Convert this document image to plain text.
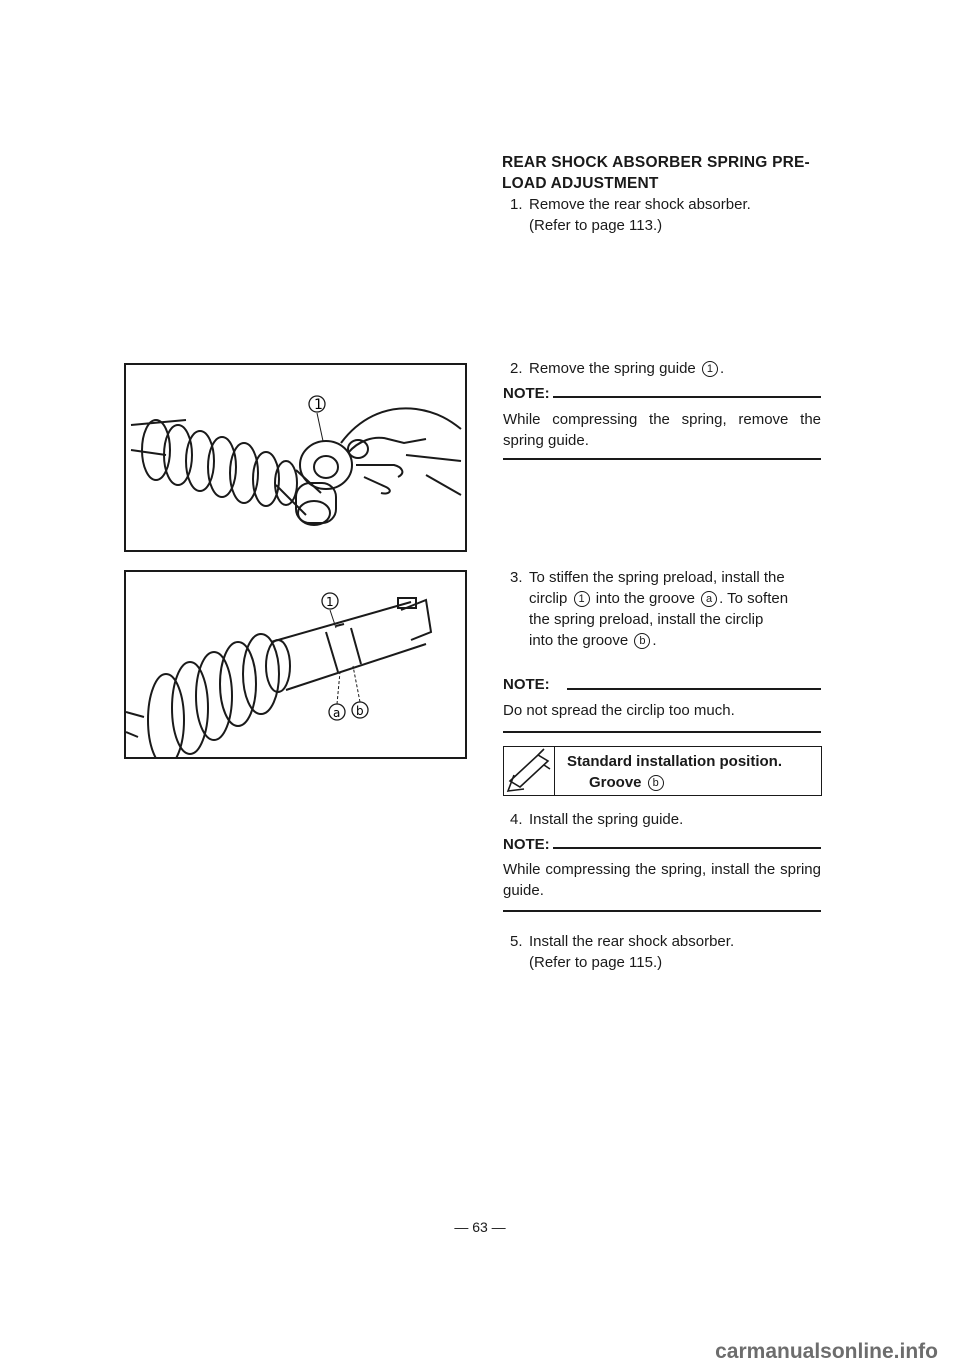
REAR SHOCK ABSORBER SPRING PRE-
LOAD ADJUSTMENT
1. Remove the rear shock absorber.
(Refer to page 113.)
1
2. Remove the spring guide 1 .
NOTE:
While compressing the spring, remove the spring guide.
1
a b
3. To stiffen the spring preload, install the
circlip 1 into the groove a . To soften
the spring preload, install the circlip
into the groove b .
NOTE:
Do not spread the circlip too much.
Standard installation position.
Groove b
4. Install the spring guide.
NOTE:
While compressing the spring, install the spring guide.
5. Install the rear shock absorber.
(Refer to page 115.)
— 63 —
carmanualsonline.info
